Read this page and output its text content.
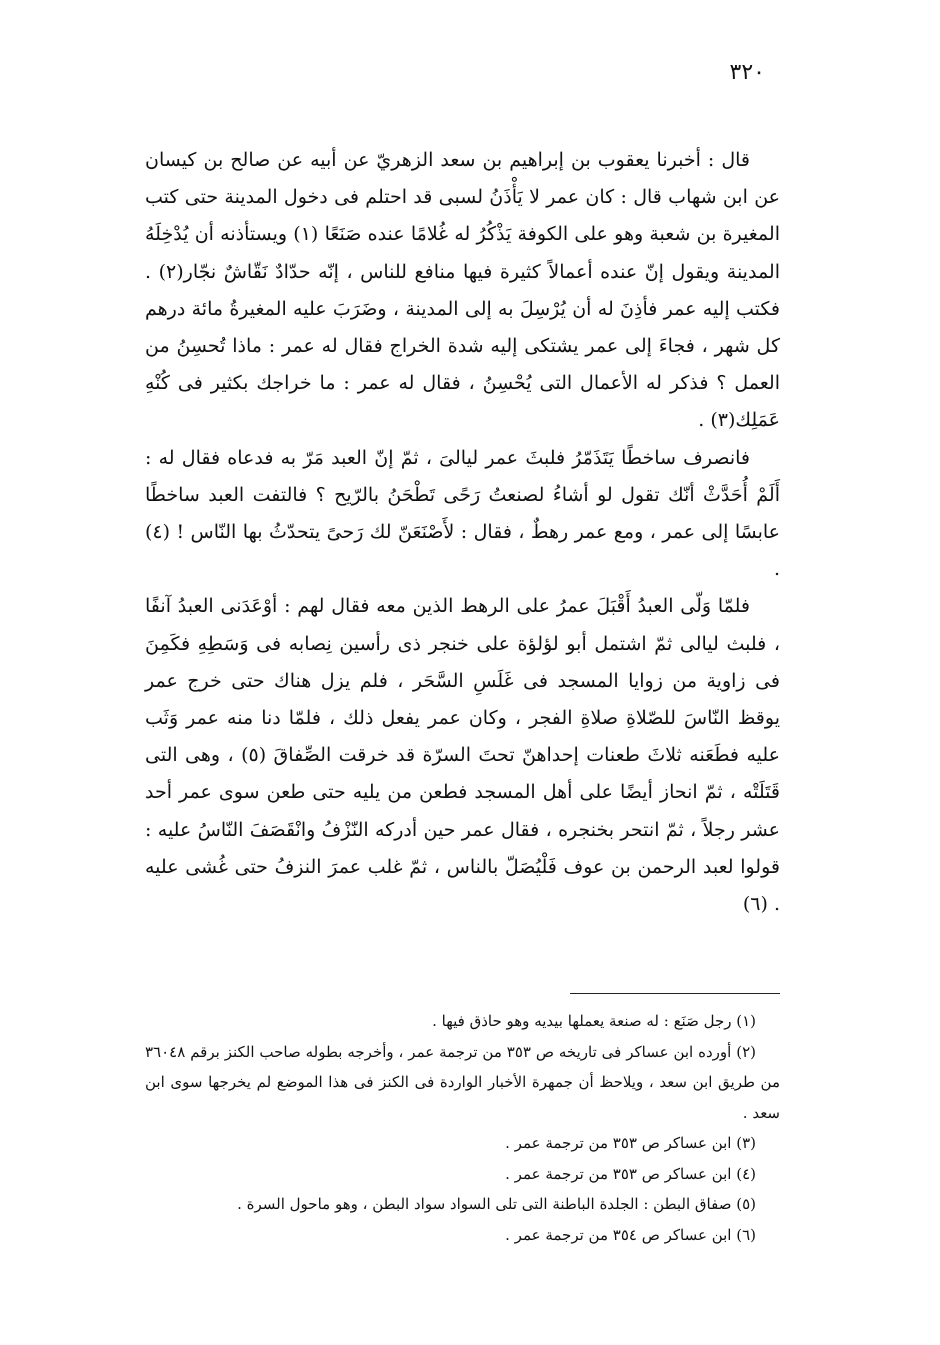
٣٢٠

قال : أخبرنا يعقوب بن إبراهيم بن سعد الزهريّ عن أبيه عن صالح بن كيسان عن ابن شهاب قال : كان عمر لا يَأْذَنُ لسبى قد احتلم فى دخول المدينة حتى كتب المغيرة بن شعبة وهو على الكوفة يَذْكُرُ له غُلامًا عنده صَنَعًا (١) ويستأذنه أن يُدْخِلَهُ المدينة ويقول إنّ عنده أعمالاً كثيرة فيها منافع للناس ، إنّه حدّادٌ نَقّاشٌ نجّار(٢) . فكتب إليه عمر فأذِنَ له أن يُرْسِلَ به إلى المدينة ، وضَرَبَ عليه المغيرةُ مائة درهم كل شهر ، فجاءَ إلى عمر يشتكى إليه شدة الخراج فقال له عمر : ماذا تُحسِنُ من العمل ؟ فذكر له الأعمال التى يُحْسِنُ ، فقال له عمر : ما خراجك بكثير فى كُنْهِ عَمَلِك(٣) .

فانصرف ساخطًا يَتَذَمّرُ فلبثَ عمر ليالىَ ، ثمّ إنّ العبد مَرّ به فدعاه فقال له : أَلَمْ أُحَدَّثْ أنّك تقول لو أشاءُ لصنعتُ رَحًى تَطْحَنُ بالرّيح ؟ فالتفت العبد ساخطًا عابسًا إلى عمر ، ومع عمر رهطٌ ، فقال : لأَصْنَعَنّ لك رَحىً يتحدّثُ بها النّاس ! (٤) .

فلمّا وَلّى العبدُ أَقْبَلَ عمرُ على الرهط الذين معه فقال لهم : أوْعَدَنى العبدُ آنفًا ، فلبث ليالى ثمّ اشتمل أبو لؤلؤة على خنجر ذى رأسين نِصابه فى وَسَطِهِ فكَمِنَ فى زاوية من زوايا المسجد فى غَلَسِ السَّحَر ، فلم يزل هناك حتى خرج عمر يوقظ النّاسَ للصّلاةِ صلاةِ الفجر ، وكان عمر يفعل ذلك ، فلمّا دنا منه عمر وَثَب عليه فطَعَنه ثلاثَ طعنات إحداهنّ تحتَ السرّة قد خرقت الصِّفاقَ (٥) ، وهى التى قَتَلَتْه ، ثمّ انحاز أيضًا على أهل المسجد فطعن من يليه حتى طعن سوى عمر أحد عشر رجلاً ، ثمّ انتحر بخنجره ، فقال عمر حين أدركه النّزْفُ وانْقَصَفَ النّاسُ عليه : قولوا لعبد الرحمن بن عوف فَلْيُصَلّ بالناس ، ثمّ غلب عمرَ النزفُ حتى غُشى عليه . (٦)

(١) رجل صَنَع : له صنعة يعملها بيديه وهو حاذق فيها .

(٢) أورده ابن عساكر فى تاريخه ص ٣٥٣ من ترجمة عمر ، وأخرجه بطوله صاحب الكنز برقم ٣٦٠٤٨ من طريق ابن سعد ، ويلاحظ أن جمهرة الأخبار الواردة فى الكنز فى هذا الموضع لم يخرجها سوى ابن سعد .

(٣) ابن عساكر ص ٣٥٣ من ترجمة عمر .

(٤) ابن عساكر ص ٣٥٣ من ترجمة عمر .

(٥) صفاق البطن : الجلدة الباطنة التى تلى السواد سواد البطن ، وهو ماحول السرة .

(٦) ابن عساكر ص ٣٥٤ من ترجمة عمر .
